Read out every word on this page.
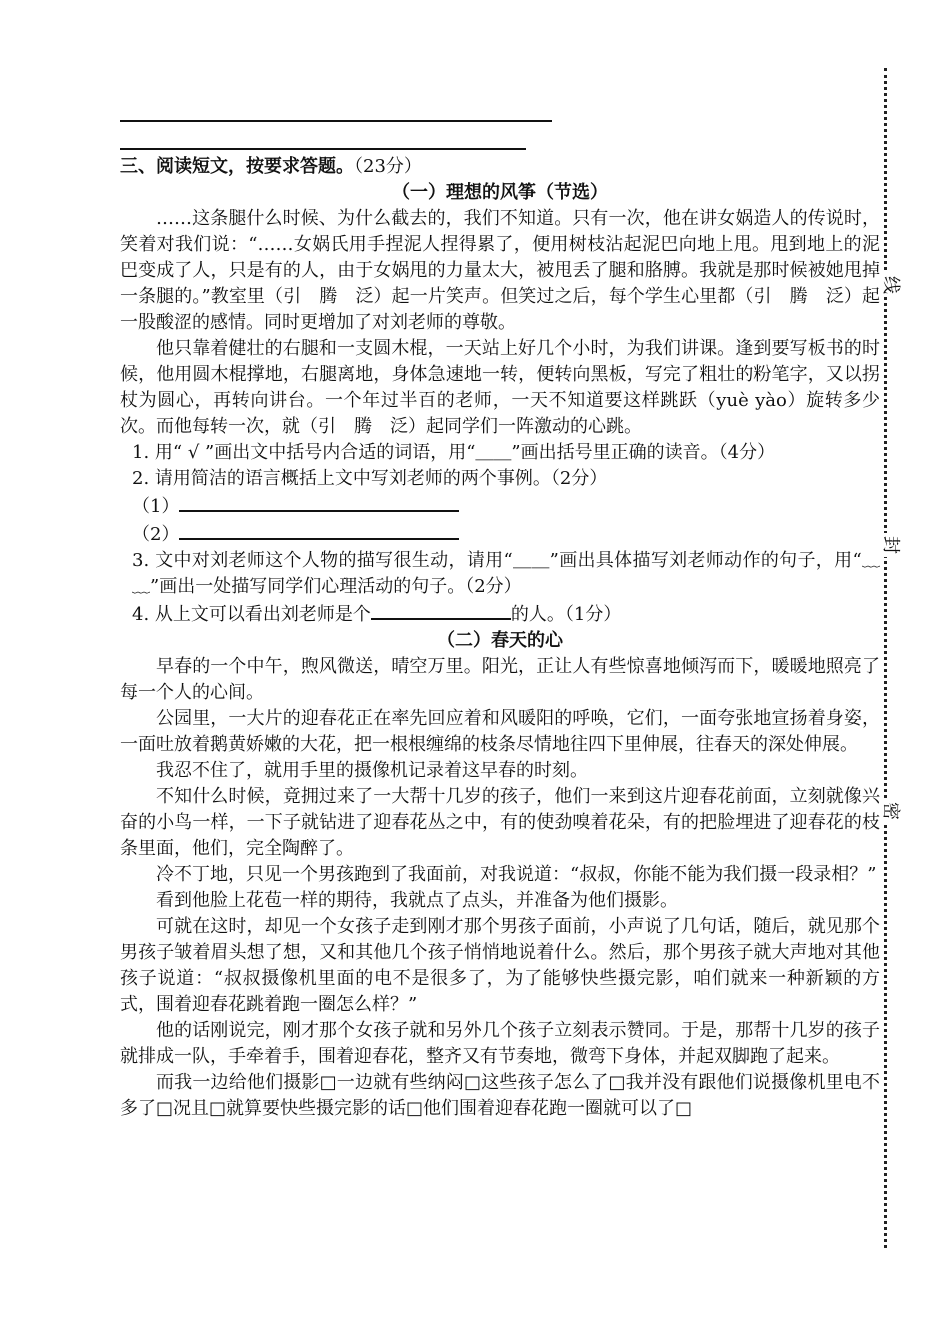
线
封
密

三、阅读短文，按要求答题。（23分）

（一）理想的风筝（节选）

……这条腿什么时候、为什么截去的，我们不知道。只有一次，他在讲女娲造人的传说时，笑着对我们说：“……女娲氏用手捏泥人捏得累了，便用树枝沾起泥巴向地上甩。甩到地上的泥巴变成了人，只是有的人，由于女娲甩的力量太大，被甩丢了腿和胳膊。我就是那时候被她甩掉一条腿的。”教室里（引　腾　泛）起一片笑声。但笑过之后，每个学生心里都（引　腾　泛）起一股酸涩的感情。同时更增加了对刘老师的尊敬。

他只靠着健壮的右腿和一支圆木棍，一天站上好几个小时，为我们讲课。逢到要写板书的时候，他用圆木棍撑地，右腿离地，身体急速地一转，便转向黑板，写完了粗壮的粉笔字，又以拐杖为圆心，再转向讲台。一个年过半百的老师，一天不知道要这样跳跃（yuè yào）旋转多少次。而他每转一次，就（引　腾　泛）起同学们一阵激动的心跳。

1. 用“ √ ”画出文中括号内合适的词语，用“＿＿”画出括号里正确的读音。（4分）

2. 请用简洁的语言概括上文中写刘老师的两个事例。（2分）

（1）

（2）

3. 文中对刘老师这个人物的描写很生动，请用“＿＿”画出具体描写刘老师动作的句子，用“﹏﹏”画出一处描写同学们心理活动的句子。（2分）

4. 从上文可以看出刘老师是个	的人。（1分）

（二）春天的心

早春的一个中午，煦风微送，晴空万里。阳光，正让人有些惊喜地倾泻而下，暖暖地照亮了每一个人的心间。

公园里，一大片的迎春花正在率先回应着和风暖阳的呼唤，它们，一面夸张地宣扬着身姿，一面吐放着鹅黄娇嫩的大花，把一根根缠绵的枝条尽情地往四下里伸展，往春天的深处伸展。

我忍不住了，就用手里的摄像机记录着这早春的时刻。

不知什么时候，竟拥过来了一大帮十几岁的孩子，他们一来到这片迎春花前面，立刻就像兴奋的小鸟一样，一下子就钻进了迎春花丛之中，有的使劲嗅着花朵，有的把脸埋进了迎春花的枝条里面，他们，完全陶醉了。

冷不丁地，只见一个男孩跑到了我面前，对我说道：“叔叔，你能不能为我们摄一段录相？”

看到他脸上花苞一样的期待，我就点了点头，并准备为他们摄影。

可就在这时，却见一个女孩子走到刚才那个男孩子面前，小声说了几句话，随后，就见那个男孩子皱着眉头想了想，又和其他几个孩子悄悄地说着什么。然后，那个男孩子就大声地对其他孩子说道：“叔叔摄像机里面的电不是很多了，为了能够快些摄完影，咱们就来一种新颖的方式，围着迎春花跳着跑一圈怎么样？”

他的话刚说完，刚才那个女孩子就和另外几个孩子立刻表示赞同。于是，那帮十几岁的孩子就排成一队，手牵着手，围着迎春花，整齐又有节奏地，微弯下身体，并起双脚跑了起来。

而我一边给他们摄影□一边就有些纳闷□这些孩子怎么了□我并没有跟他们说摄像机里电不多了□况且□就算要快些摄完影的话□他们围着迎春花跑一圈就可以了□
